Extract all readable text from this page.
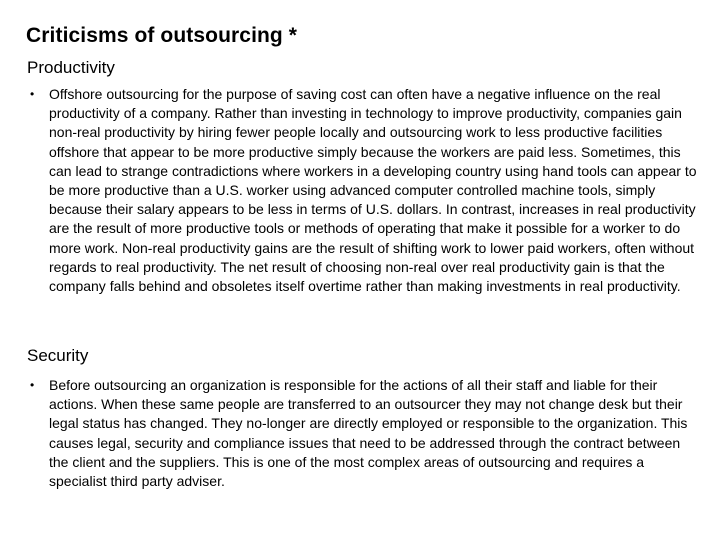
Criticisms of outsourcing *
Productivity
•	Offshore outsourcing for the purpose of saving cost can often have a negative influence on the real productivity of a company. Rather than investing in technology to improve productivity, companies gain non-real productivity by hiring fewer people locally and outsourcing work to less productive facilities offshore that appear to be more productive simply because the workers are paid less. Sometimes, this can lead to strange contradictions where workers in a developing country using hand tools can appear to be more productive than a U.S. worker using advanced computer controlled machine tools, simply because their salary appears to be less in terms of U.S. dollars. In contrast, increases in real productivity are the result of more productive tools or methods of operating that make it possible for a worker to do more work. Non-real productivity gains are the result of shifting work to lower paid workers, often without regards to real productivity. The net result of choosing non-real over real productivity gain is that the company falls behind and obsoletes itself overtime rather than making investments in real productivity.
Security
•	Before outsourcing an organization is responsible for the actions of all their staff and liable for their actions. When these same people are transferred to an outsourcer they may not change desk but their legal status has changed. They no-longer are directly employed or responsible to the organization. This causes legal, security and compliance issues that need to be addressed through the contract between the client and the suppliers. This is one of the most complex areas of outsourcing and requires a specialist third party adviser.
